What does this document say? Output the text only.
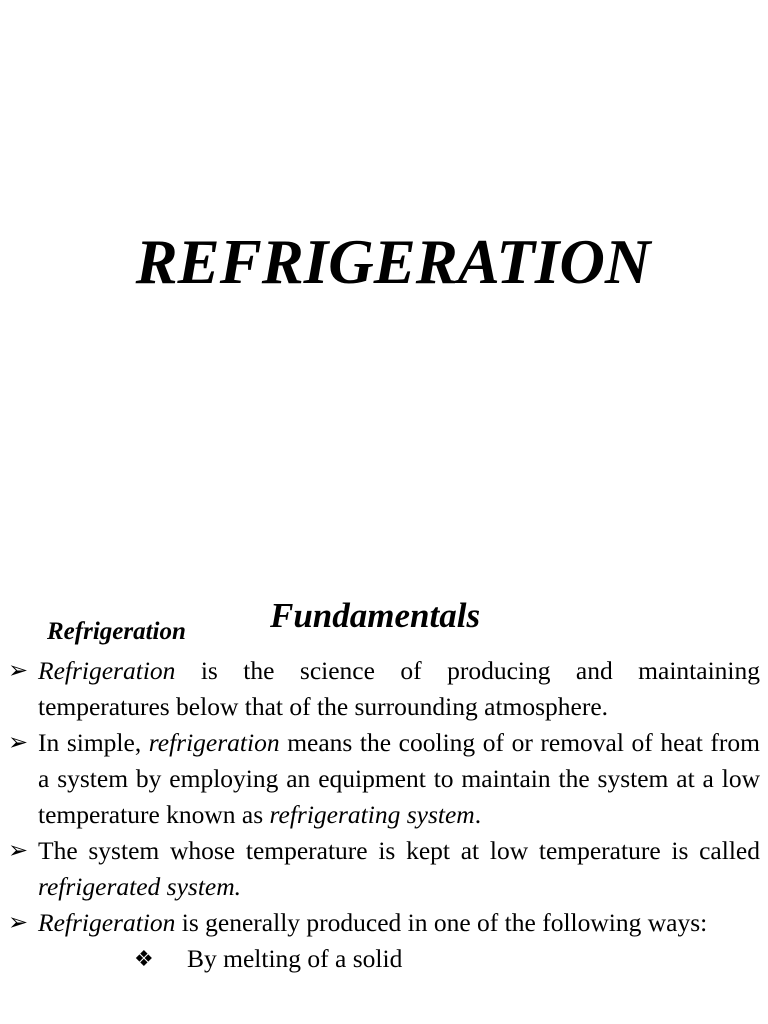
REFRIGERATION
Refrigeration Fundamentals
➢ Refrigeration is the science of producing and maintaining temperatures below that of the surrounding atmosphere.
➢ In simple, refrigeration means the cooling of or removal of heat from a system by employing an equipment to maintain the system at a low temperature known as refrigerating system.
➢ The system whose temperature is kept at low temperature is called refrigerated system.
➢ Refrigeration is generally produced in one of the following ways:
❖ By melting of a solid
